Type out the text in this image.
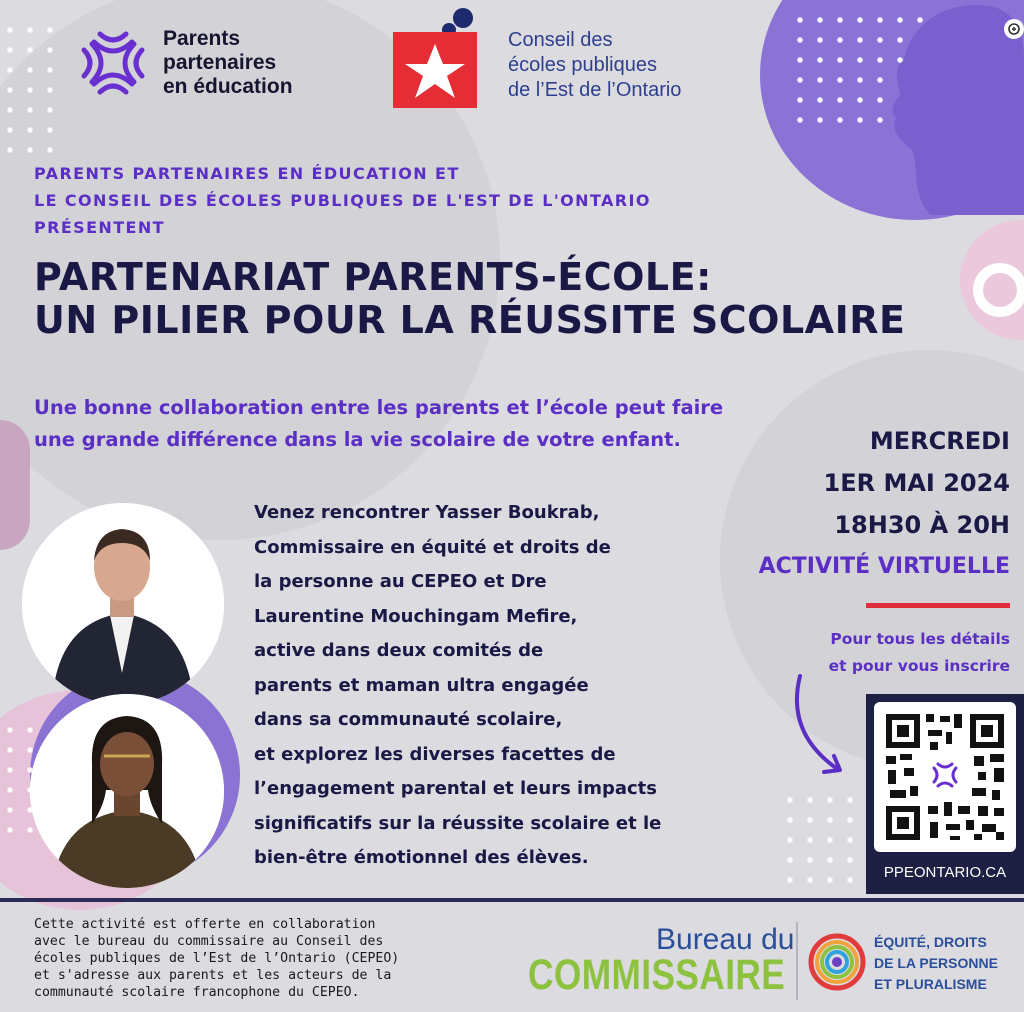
Parents
partenaires
en éducation
Conseil des
écoles publiques
de l’Est de l’Ontario
PARENTS PARTENAIRES EN ÉDUCATION ET
LE CONSEIL DES ÉCOLES PUBLIQUES DE L'EST DE L'ONTARIO
PRÉSENTENT
PARTENARIAT PARENTS-ÉCOLE:
UN PILIER POUR LA RÉUSSITE SCOLAIRE
Une bonne collaboration entre les parents et l’école peut faire
une grande différence dans la vie scolaire de votre enfant.	MERCREDI
1ER MAI 2024
18H30 À 20H
ACTIVITÉ VIRTUELLE
Pour tous les détails
et pour vous inscrire
Venez rencontrer Yasser Boukrab,
Commissaire en équité et droits de
la personne au CEPEO et Dre
Laurentine Mouchingam Mefire,
active dans deux comités de
parents et maman ultra engagée
dans sa communauté scolaire,
et explorez les diverses facettes de
l’engagement parental et leurs impacts
significatifs sur la réussite scolaire et le
bien-être émotionnel des élèves.
PPEONTARIO.CA
Cette activité est offerte en collaboration
avec le bureau du commissaire au Conseil des
écoles publiques de l’Est de l’Ontario (CEPEO)
et s'adresse aux parents et les acteurs de la
communauté scolaire francophone du CEPEO.
Bureau du
COMMISSAIRE
ÉQUITÉ, DROITS
DE LA PERSONNE
ET PLURALISME
